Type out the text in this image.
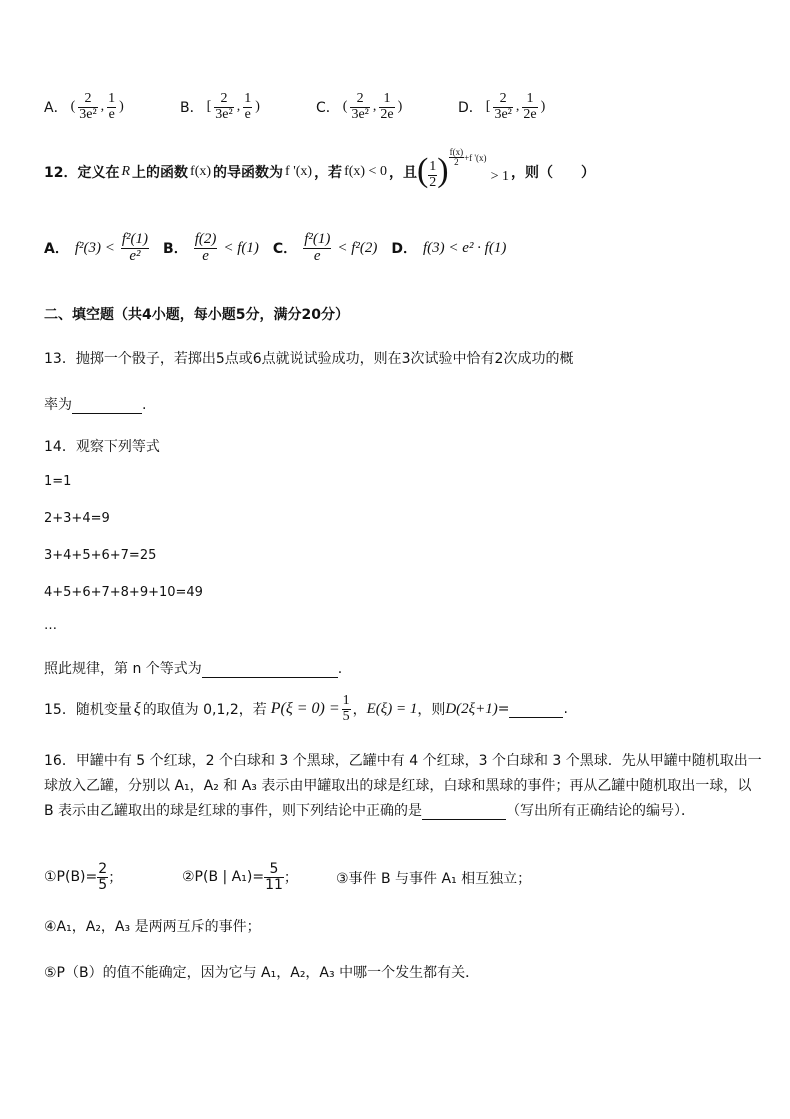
A． ( $\frac{2}{\text{3e²}}$ , $\frac{1}{e}$ )	B． [ $\frac{2}{\text{3e²}}$ , $\frac{1}{e}$ )	C． ( $\frac{2}{\text{3e²}}$ , $\frac{1}{2e}$ )	D． [ $\frac{2}{\text{3e²}}$ , $\frac{1}{2e}$ )
12．定义在 R 上的函数 f(x) 的导函数为 f '(x) ，若 f(x) < 0 ，且 ( $\frac{1}{2}$ ) $\frac{f(x)}{2} +f$ '(x)
> 1 ，则（　　）
A． $f^2(3) < \frac{\text{f²(1)}}{\text{e²}}$ B． $\frac{f(2)}{e} < f(1)$ C． $\frac{\text{f²(1)}}{e} < f^2(2)$ D． f(3) < e² · f(1)
二、填空题（共4小题，每小题5分，满分20分）
13．抛掷一个骰子，若掷出5点或6点就说试验成功，则在3次试验中恰有2次成功的概
率为	.
14．观察下列等式
1=1
2+3+4=9
3+4+5+6+7=25
4+5+6+7+8+9+10=49
…
照此规律，第 n 个等式为	.
15．随机变量 ξ 的取值为 0,1,2，若 $P(\xi = 0) = \frac{1}{5}$ ， E(ξ) = 1 ，则 D(2ξ+1) =
	.
16．甲罐中有 5 个红球，2 个白球和 3 个黑球，乙罐中有 4 个红球，3 个白球和 3 个黑球．先从甲罐中随机取出一
球放入乙罐，分别以 A₁，A₂ 和 A₃ 表示由甲罐取出的球是红球，白球和黑球的事件；再从乙罐中随机取出一球，以
B 表示由乙罐取出的球是红球的事件，则下列结论中正确的是	（写出所有正确结论的编号）．
①P(B)= $\frac{2}{5}$ ；	②P(B | $A_1)= \frac{5}{11}$ ；	③事件 B 与事件 A₁ 相互独立；
④A₁，A₂，A₃ 是两两互斥的事件；
⑤P（B）的值不能确定，因为它与 A₁，A₂，A₃ 中哪一个发生都有关．
